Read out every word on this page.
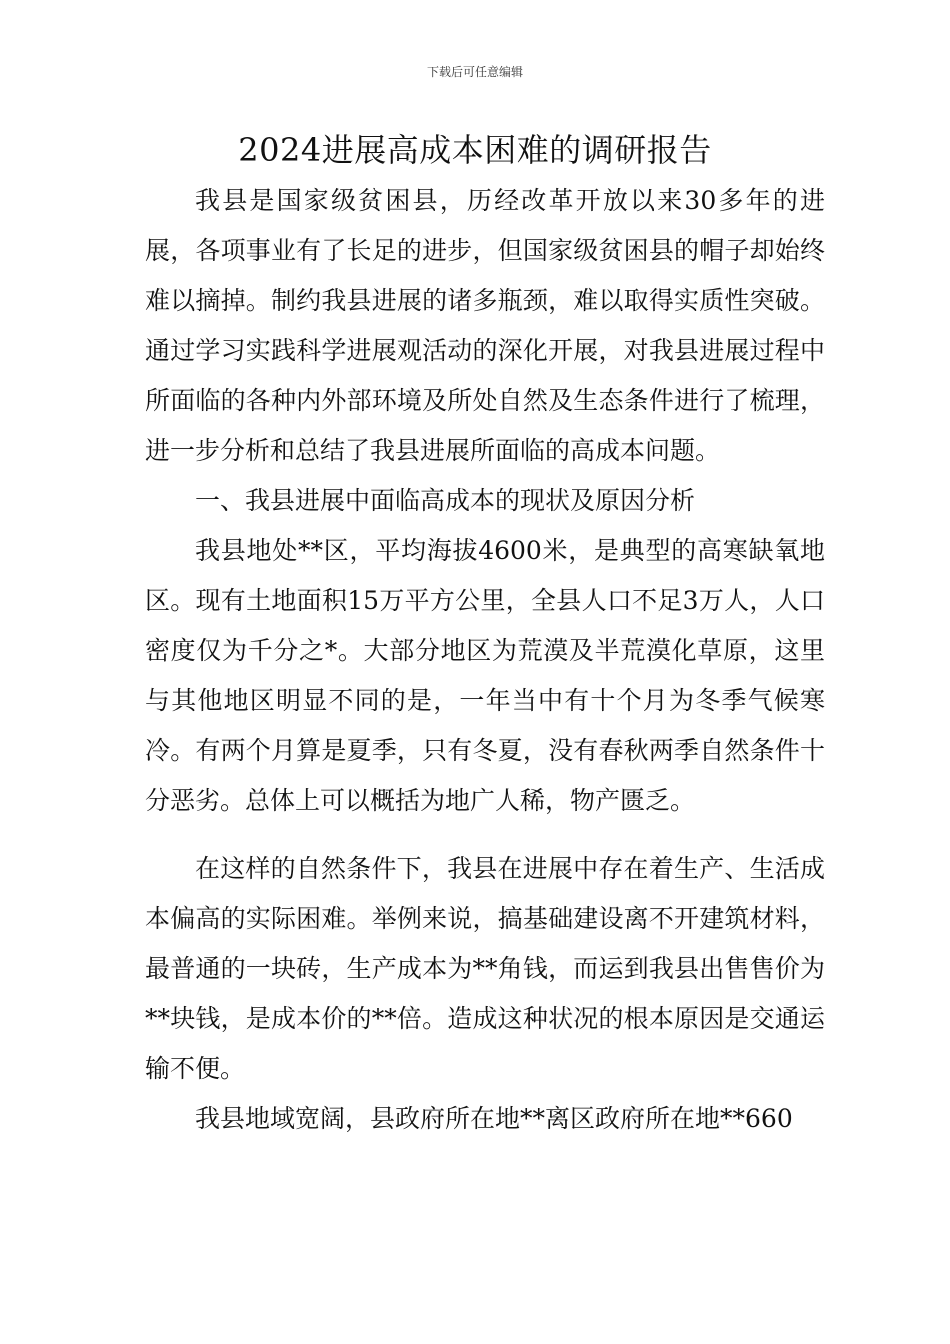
下载后可任意编辑
2024进展高成本困难的调研报告

我县是国家级贫困县，历经改革开放以来30多年的进展，各项事业有了长足的进步，但国家级贫困县的帽子却始终难以摘掉。制约我县进展的诸多瓶颈，难以取得实质性突破。通过学习实践科学进展观活动的深化开展，对我县进展过程中所面临的各种内外部环境及所处自然及生态条件进行了梳理，进一步分析和总结了我县进展所面临的高成本问题。

一、我县进展中面临高成本的现状及原因分析

我县地处**区，平均海拔4600米，是典型的高寒缺氧地区。现有土地面积15万平方公里，全县人口不足3万人，人口密度仅为千分之*。大部分地区为荒漠及半荒漠化草原，这里与其他地区明显不同的是，一年当中有十个月为冬季气候寒冷。有两个月算是夏季，只有冬夏，没有春秋两季自然条件十分恶劣。总体上可以概括为地广人稀，物产匮乏。

在这样的自然条件下，我县在进展中存在着生产、生活成本偏高的实际困难。举例来说，搞基础建设离不开建筑材料，最普通的一块砖，生产成本为**角钱，而运到我县出售售价为**块钱，是成本价的**倍。造成这种状况的根本原因是交通运输不便。

我县地域宽阔，县政府所在地**离区政府所在地**660
